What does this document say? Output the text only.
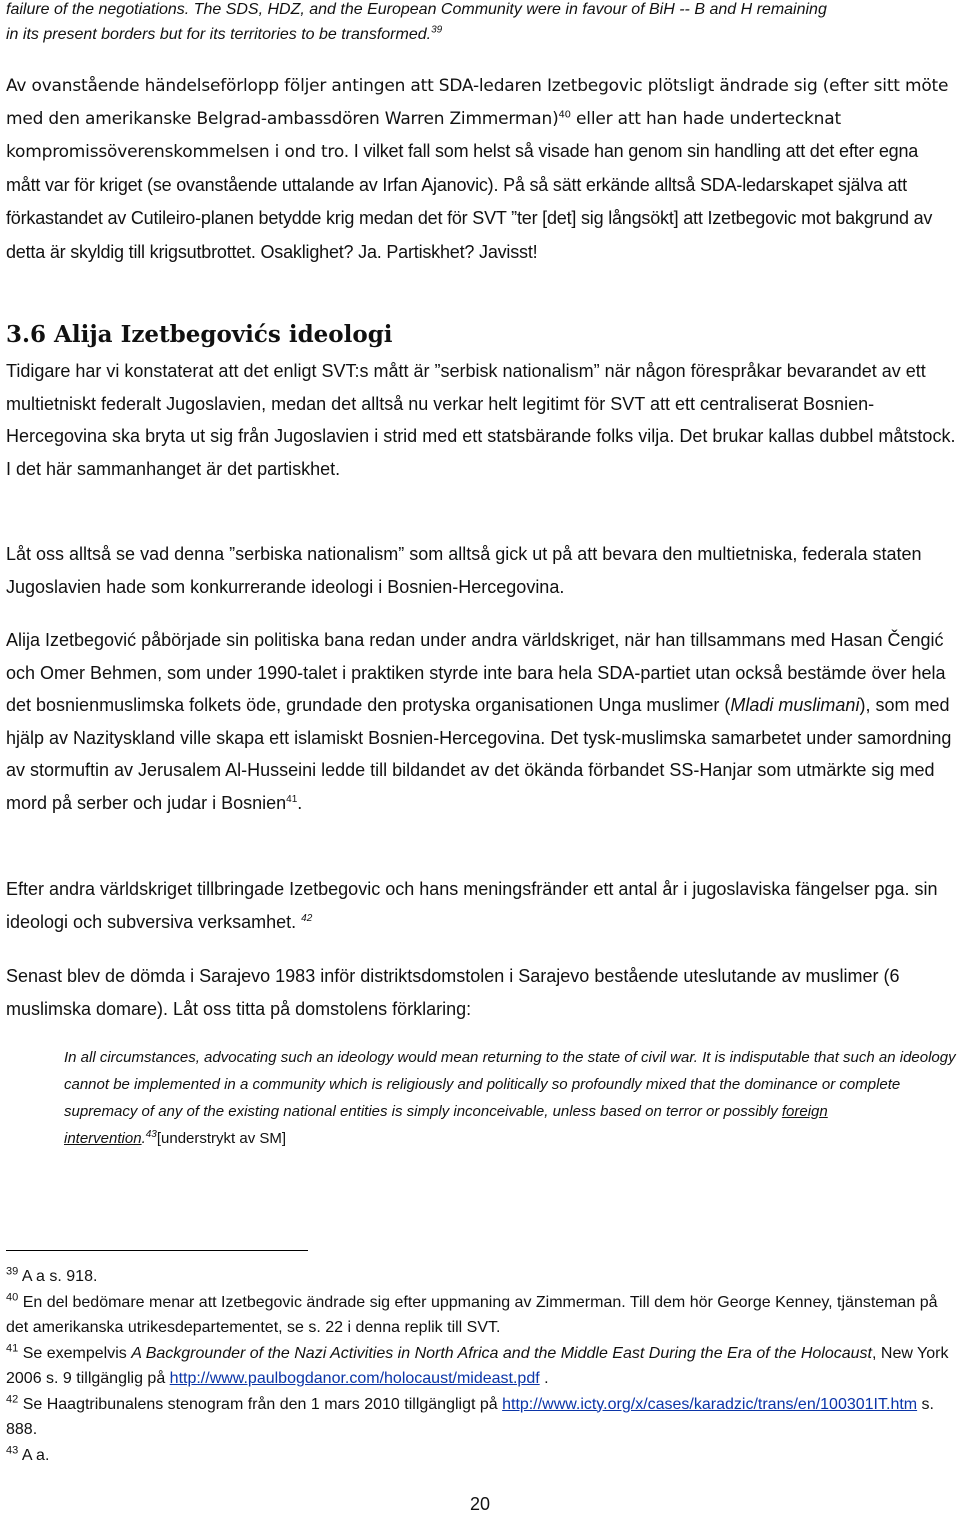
failure of the negotiations. The SDS, HDZ, and the European Community were in favour of BiH -- B and H remaining
in its present borders but for its territories to be transformed.$^{39}$
Av ovanstående händelseförlopp följer antingen att SDA-ledaren Izetbegovic plötsligt ändrade sig (efter sitt möte med den amerikanske Belgrad-ambassdören Warren Zimmerman)$^{40}$ eller att han hade undertecknat kompromissöverenskommelsen i ond tro. I vilket fall som helst så visade han genom sin handling att det efter egna mått var för kriget (se ovanstående uttalande av Irfan Ajanovic). På så sätt erkände alltså SDA-ledarskapet själva att förkastandet av Cutileiro-planen betydde krig medan det för SVT ”ter [det] sig långsökt] att Izetbegovic mot bakgrund av detta är skyldig till krigsutbrottet. Osaklighet? Ja. Partiskhet? Javisst!
3.6 Alija Izetbegovićs ideologi
Tidigare har vi konstaterat att det enligt SVT:s mått är ”serbisk nationalism” när någon förespråkar bevarandet av ett multietniskt federalt Jugoslavien, medan det alltså nu verkar helt legitimt för SVT att ett centraliserat Bosnien-Hercegovina ska bryta ut sig från Jugoslavien i strid med ett statsbärande folks vilja. Det brukar kallas dubbel måtstock. I det här sammanhanget är det partiskhet.
Låt oss alltså se vad denna ”serbiska nationalism” som alltså gick ut på att bevara den multietniska, federala staten Jugoslavien hade som konkurrerande ideologi i Bosnien-Hercegovina.
Alija Izetbegović påbörjade sin politiska bana redan under andra världskriget, när han tillsammans med Hasan Čengić och Omer Behmen, som under 1990-talet i praktiken styrde inte bara hela SDA-partiet utan också bestämde över hela det bosnienmuslimska folkets öde, grundade den protyska organisationen Unga muslimer (Mladi muslimani), som med hjälp av Nazityskland ville skapa ett islamiskt Bosnien-Hercegovina. Det tysk-muslimska samarbetet under samordning av stormuftin av Jerusalem Al-Husseini ledde till bildandet av det ökända förbandet SS-Hanjar som utmärkte sig med mord på serber och judar i Bosnien$^{41}$.
Efter andra världskriget tillbringade Izetbegovic och hans meningsfränder ett antal år i jugoslaviska fängelser pga. sin ideologi och subversiva verksamhet. $^{42}$
Senast blev de dömda i Sarajevo 1983 inför distriktsdomstolen i Sarajevo bestående uteslutande av muslimer (6 muslimska domare). Låt oss titta på domstolens förklaring:
In all circumstances, advocating such an ideology would mean returning to the state of civil war. It is indisputable that such an ideology cannot be implemented in a community which is religiously and politically so profoundly mixed that the dominance or complete supremacy of any of the existing national entities is simply inconceivable, unless based on terror or possibly foreign intervention.$^{43}$[understrykt av SM]
$^{39}$ A a s. 918.
$^{40}$ En del bedömare menar att Izetbegovic ändrade sig efter uppmaning av Zimmerman. Till dem hör George Kenney, tjänsteman på det amerikanska utrikesdepartementet, se s. 22 i denna replik till SVT.
$^{41}$ Se exempelvis A Backgrounder of the Nazi Activities in North Africa and the Middle East During the Era of the Holocaust, New York 2006 s. 9 tillgänglig på http://www.paulbogdanor.com/holocaust/mideast.pdf .
$^{42}$ Se Haagtribunalens stenogram från den 1 mars 2010 tillgängligt på http://www.icty.org/x/cases/karadzic/trans/en/100301IT.htm s. 888.
$^{43}$ A a.
20
